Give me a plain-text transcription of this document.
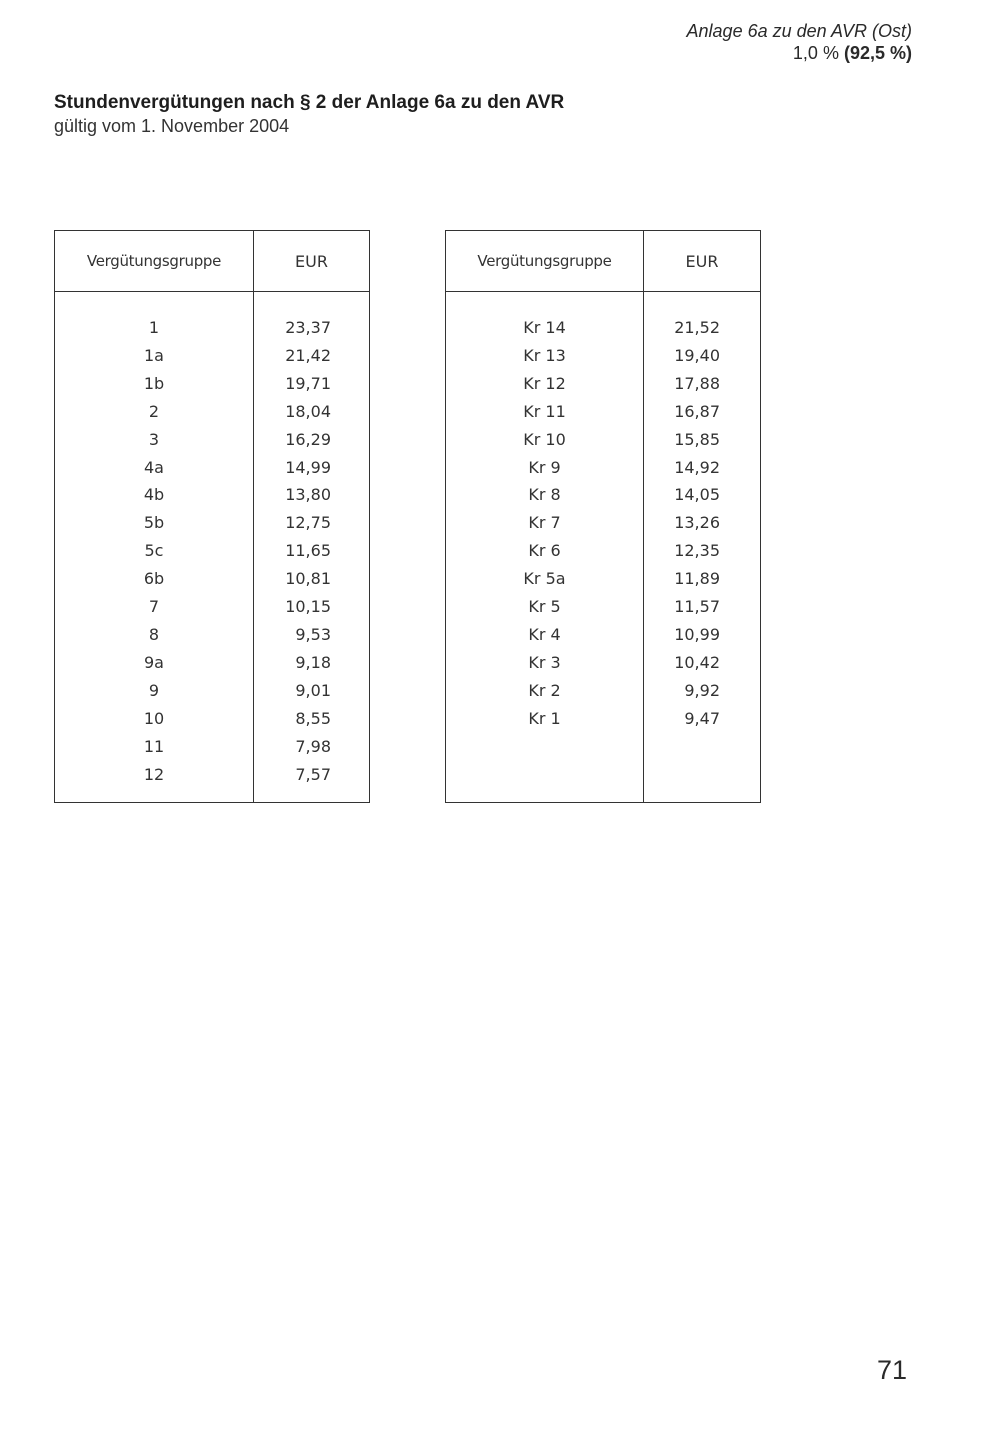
Anlage 6a zu den AVR (Ost)
1,0 % (92,5 %)
Stundenvergütungen nach § 2 der Anlage 6a zu den AVR
gültig vom 1. November 2004
Vergütungsgruppe	EUR

1	23,37
1a	21,42
1b	19,71
2	18,04
3	16,29
4a	14,99
4b	13,80
5b	12,75
5c	11,65
6b	10,81
7	10,15
8	9,53
9a	9,18
9	9,01
10	8,55
11	7,98
12	7,57

Vergütungsgruppe	EUR

Kr 14	21,52
Kr 13	19,40
Kr 12	17,88
Kr 11	16,87
Kr 10	15,85
Kr 9	14,92
Kr 8	14,05
Kr 7	13,26
Kr 6	12,35
Kr 5a	11,89
Kr 5	11,57
Kr 4	10,99
Kr 3	10,42
Kr 2	9,92
Kr 1	9,47

71
